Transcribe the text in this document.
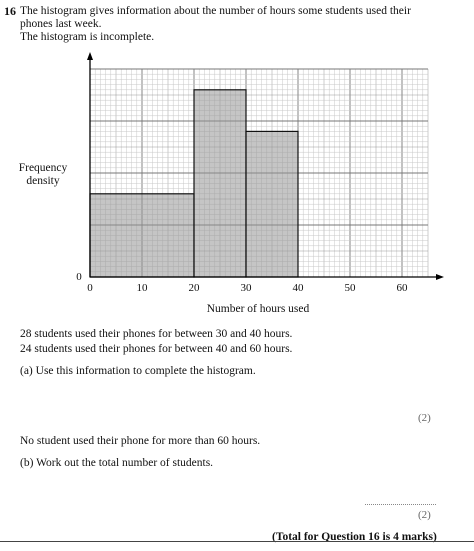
16 The histogram gives information about the number of hours some students used their
phones last week.
The histogram is incomplete.
0	10	20	30	40	50	60
0
Frequency
density
Number of hours used
28 students used their phones for between 30 and 40 hours.
24 students used their phones for between 40 and 60 hours.
(a) Use this information to complete the histogram.
(2)
No student used their phone for more than 60 hours.
(b) Work out the total number of students.
(2)
(Total for Question 16 is 4 marks)
